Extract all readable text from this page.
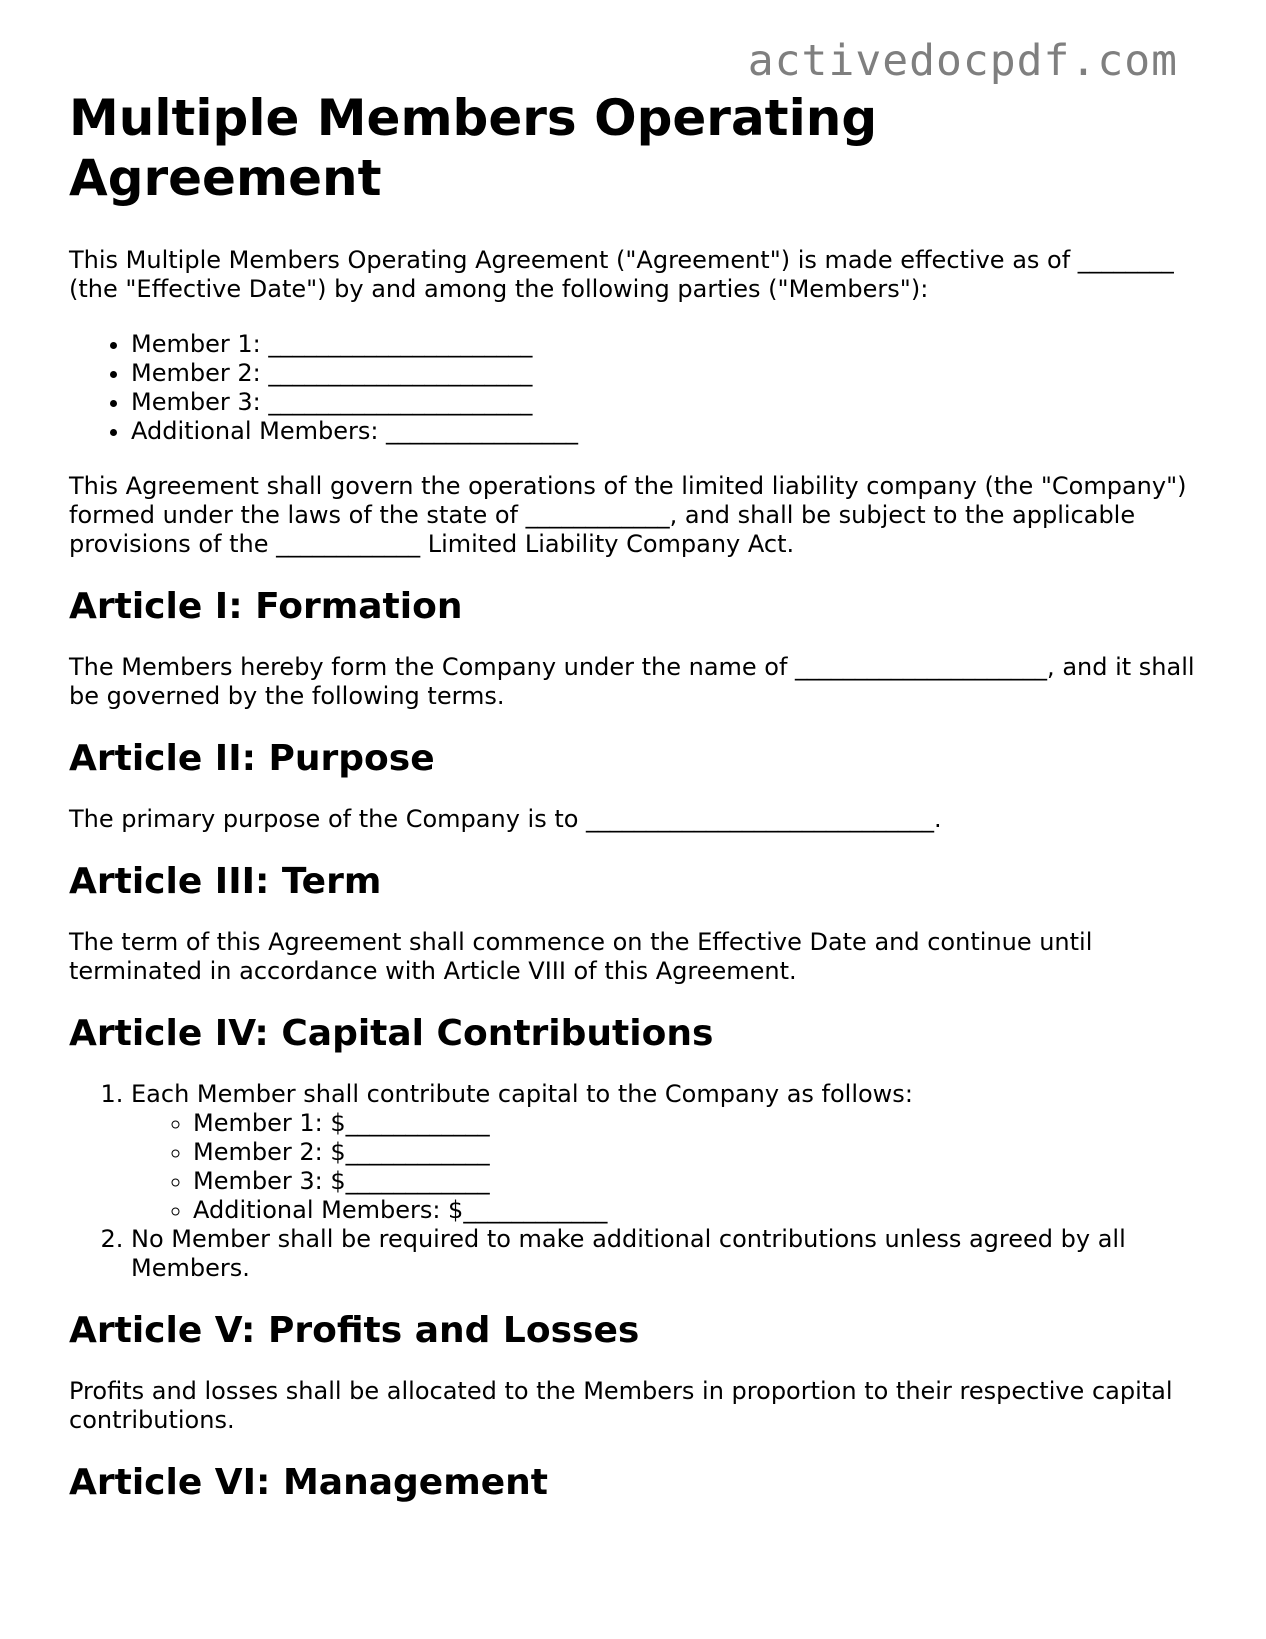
activedocpdf.com
Multiple Members Operating Agreement

This Multiple Members Operating Agreement ("Agreement") is made effective as of ________ (the "Effective Date") by and among the following parties ("Members"):

• Member 1: ______________________
• Member 2: ______________________
• Member 3: ______________________
• Additional Members: ________________

This Agreement shall govern the operations of the limited liability company (the "Company") formed under the laws of the state of ____________, and shall be subject to the applicable provisions of the ____________ Limited Liability Company Act.

Article I: Formation

The Members hereby form the Company under the name of _____________________, and it shall be governed by the following terms.

Article II: Purpose

The primary purpose of the Company is to _____________________________.

Article III: Term

The term of this Agreement shall commence on the Effective Date and continue until terminated in accordance with Article VIII of this Agreement.

Article IV: Capital Contributions
1. Each Member shall contribute capital to the Company as follows:
◦ Member 1: $____________
◦ Member 2: $____________
◦ Member 3: $____________
◦ Additional Members: $____________
2. No Member shall be required to make additional contributions unless agreed by all Members.
Article V: Profits and Losses

Profits and losses shall be allocated to the Members in proportion to their respective capital contributions.

Article VI: Management
